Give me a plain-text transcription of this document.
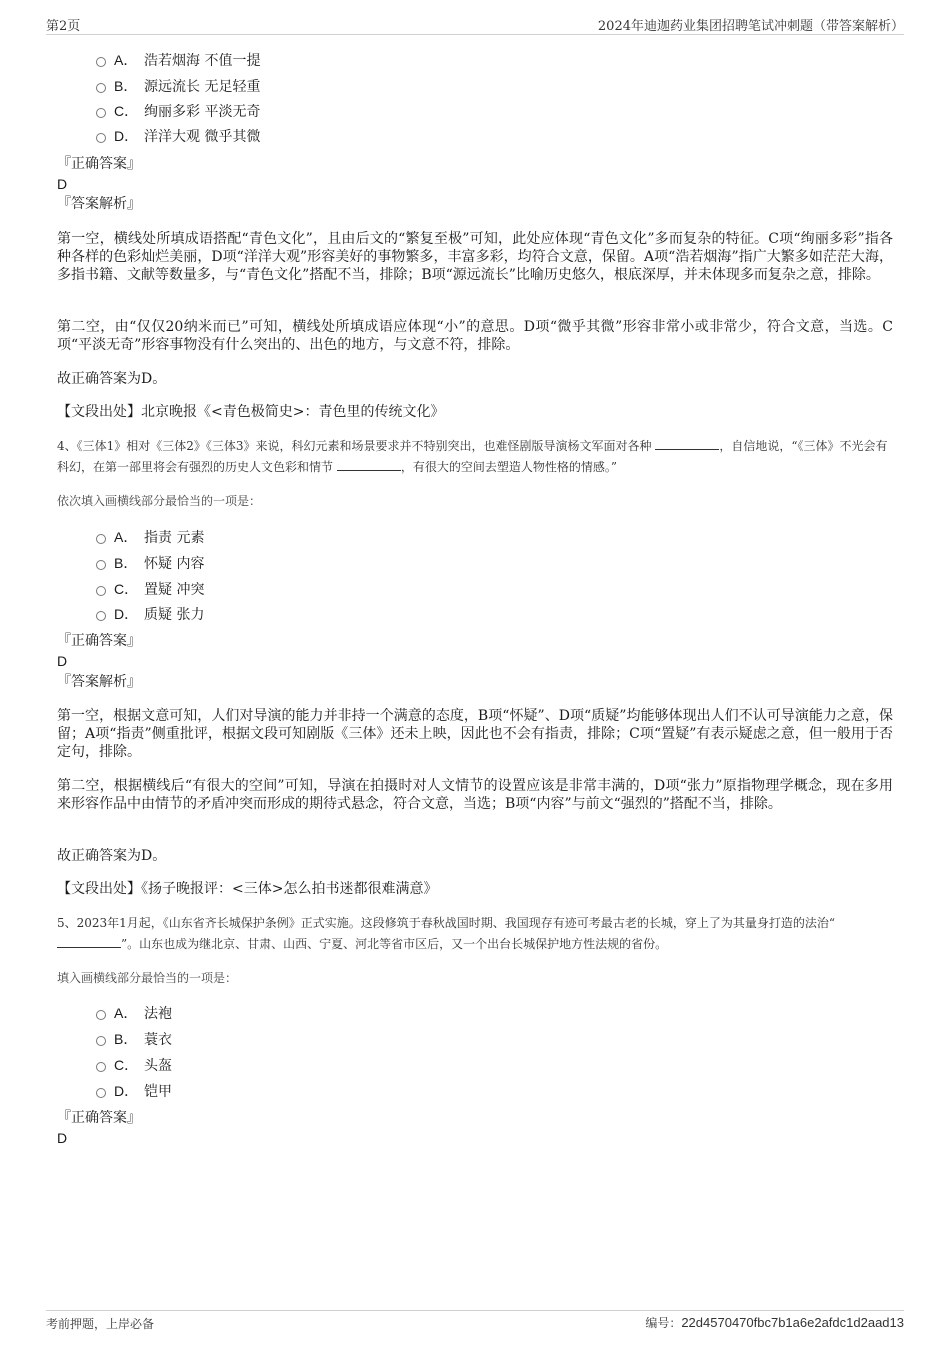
第2页	2024年迪迦药业集团招聘笔试冲刺题（带答案解析）
A． 浩若烟海 不值一提
B． 源远流长 无足轻重
C． 绚丽多彩 平淡无奇
D． 洋洋大观 微乎其微
『正确答案』
D
『答案解析』
第一空，横线处所填成语搭配“青色文化”，且由后文的“繁复至极”可知，此处应体现“青色文化”多而复杂的特征。C项“绚丽多彩”指各种各样的色彩灿烂美丽，D项“洋洋大观”形容美好的事物繁多，丰富多彩，均符合文意，保留。A项“浩若烟海”指广大繁多如茫茫大海，多指书籍、文献等数量多，与“青色文化”搭配不当，排除；B项“源远流长”比喻历史悠久，根底深厚，并未体现多而复杂之意，排除。
第二空，由“仅仅20纳米而已”可知，横线处所填成语应体现“小”的意思。D项“微乎其微”形容非常小或非常少，符合文意，当选。C项“平淡无奇”形容事物没有什么突出的、出色的地方，与文意不符，排除。
故正确答案为D。
【文段出处】北京晚报《<青色极简史>：青色里的传统文化》
4、《三体1》相对《三体2》《三体3》来说，科幻元素和场景要求并不特别突出，也难怪剧版导演杨文军面对各种	，自信地说，“《三体》不光会有科幻，在第一部里将会有强烈的历史人文色彩和情节	，有很大的空间去塑造人物性格的情感。”
依次填入画横线部分最恰当的一项是：
A． 指责 元素
B． 怀疑 内容
C． 置疑 冲突
D． 质疑 张力
『正确答案』
D
『答案解析』
第一空，根据文意可知，人们对导演的能力并非持一个满意的态度，B项“怀疑”、D项“质疑”均能够体现出人们不认可导演能力之意，保留；A项“指责”侧重批评，根据文段可知剧版《三体》还未上映，因此也不会有指责，排除；C项“置疑”有表示疑虑之意，但一般用于否定句，排除。
第二空，根据横线后“有很大的空间”可知，导演在拍摄时对人文情节的设置应该是非常丰满的，D项“张力”原指物理学概念，现在多用来形容作品中由情节的矛盾冲突而形成的期待式悬念，符合文意，当选；B项“内容”与前文“强烈的”搭配不当，排除。
故正确答案为D。
【文段出处】《扬子晚报评：<三体>怎么拍书迷都很难满意》
5、2023年1月起，《山东省齐长城保护条例》正式实施。这段修筑于春秋战国时期、我国现存有迹可考最古老的长城，穿上了为其量身打造的法治“ ”。山东也成为继北京、甘肃、山西、宁夏、河北等省市区后，又一个出台长城保护地方性法规的省份。
填入画横线部分最恰当的一项是：
A． 法袍
B． 蓑衣
C． 头盔
D． 铠甲
『正确答案』
D
考前押题，上岸必备	编号：22d4570470fbc7b1a6e2afdc1d2aad13
